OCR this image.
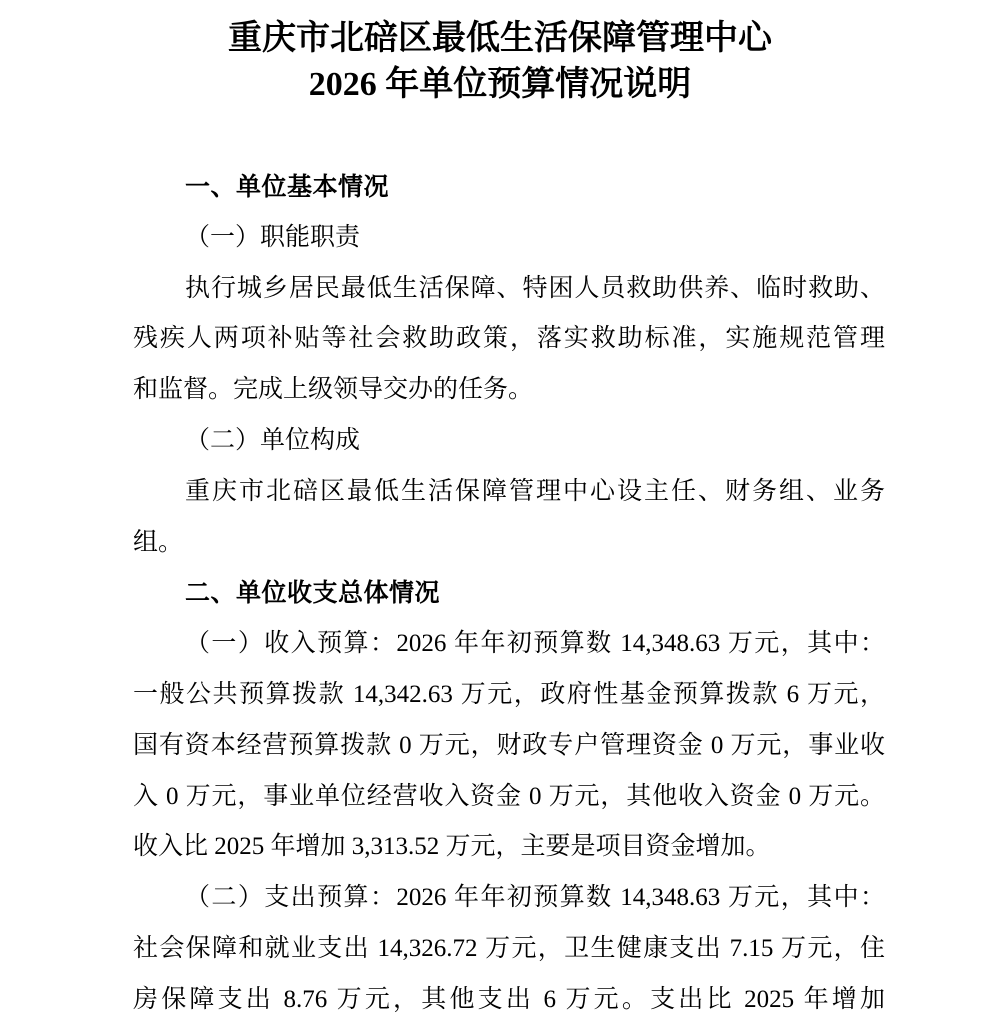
重庆市北碚区最低生活保障管理中心
2026 年单位预算情况说明
一、单位基本情况
（一）职能职责
执行城乡居民最低生活保障、特困人员救助供养、临时救助、
残疾人两项补贴等社会救助政策，落实救助标准，实施规范管理
和监督。完成上级领导交办的任务。
（二）单位构成
重庆市北碚区最低生活保障管理中心设主任、财务组、业务
组。
二、单位收支总体情况
（一）收入预算：2026 年年初预算数 14,348.63 万元，其中：
一般公共预算拨款 14,342.63 万元，政府性基金预算拨款 6 万元，
国有资本经营预算拨款 0 万元，财政专户管理资金 0 万元，事业收
入 0 万元，事业单位经营收入资金 0 万元，其他收入资金 0 万元。
收入比 2025 年增加 3,313.52 万元，主要是项目资金增加。
（二）支出预算：2026 年年初预算数 14,348.63 万元，其中：
社会保障和就业支出 14,326.72 万元，卫生健康支出 7.15 万元，住
房保障支出 8.76 万元，其他支出 6 万元。支出比 2025 年增加
